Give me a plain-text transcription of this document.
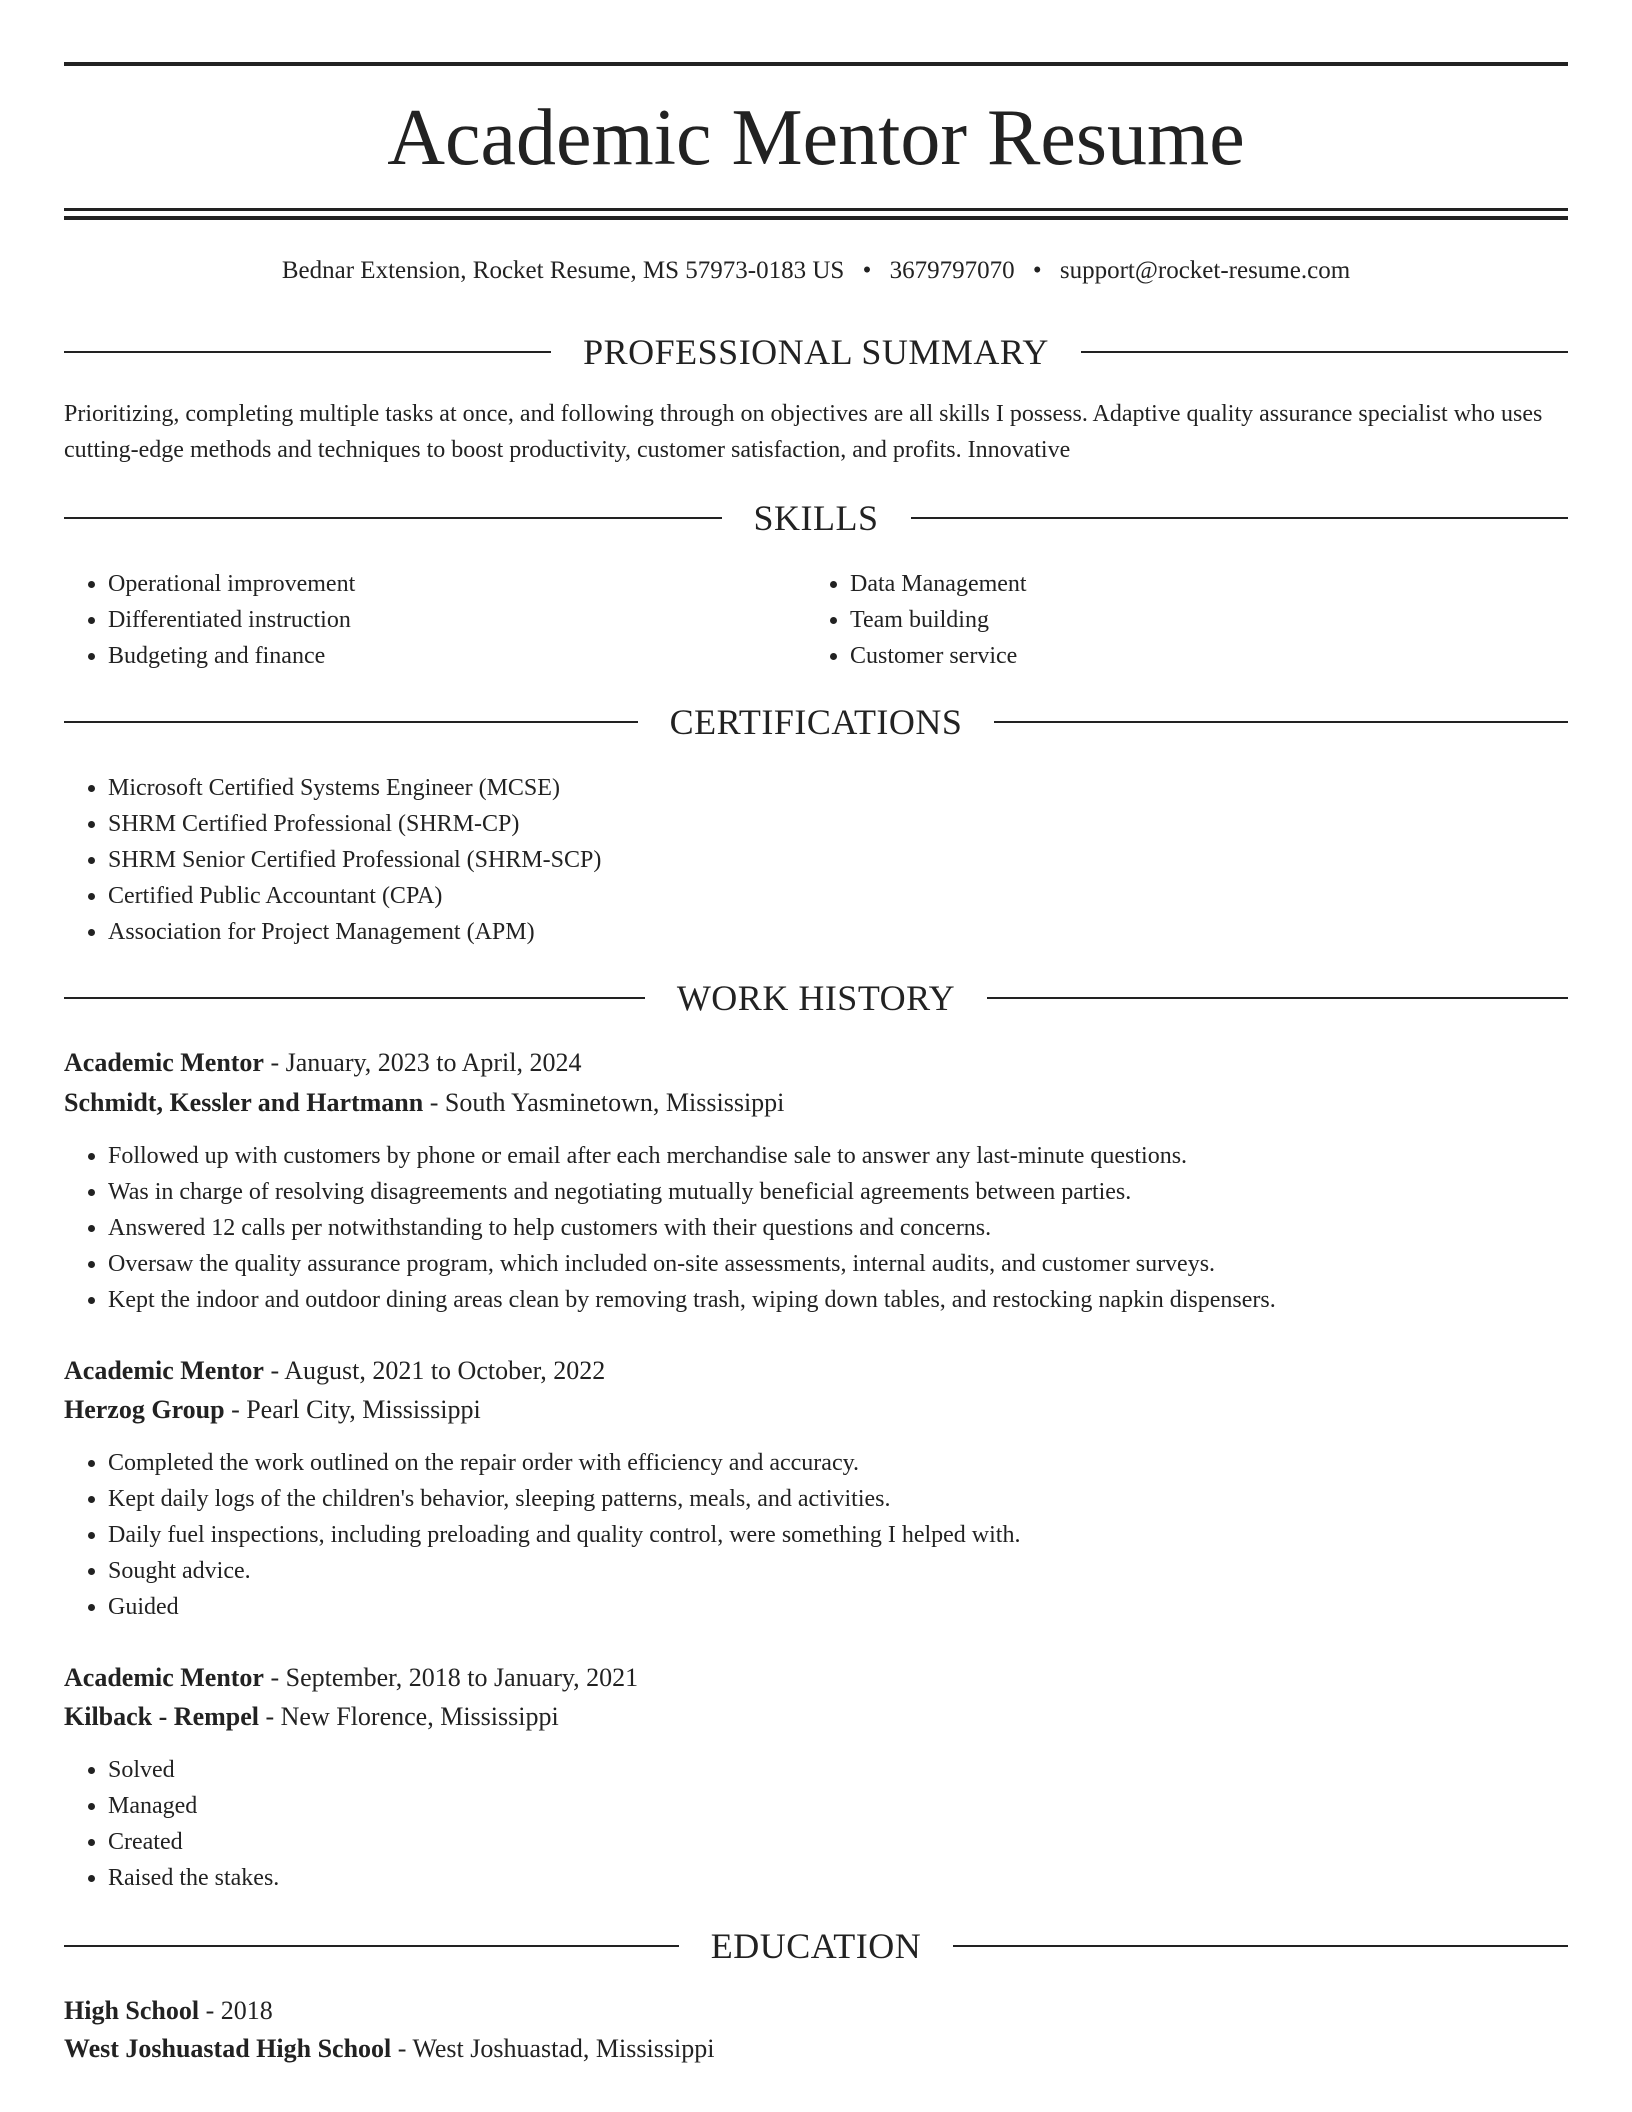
Academic Mentor Resume
Bednar Extension, Rocket Resume, MS 57973-0183 US • 3679797070 • support@rocket-resume.com
PROFESSIONAL SUMMARY

Prioritizing, completing multiple tasks at once, and following through on objectives are all skills I possess. Adaptive quality assurance specialist who uses cutting-edge methods and techniques to boost productivity, customer satisfaction, and profits. Innovative

SKILLS
• Operational improvement
• Differentiated instruction
• Budgeting and finance
• Data Management
• Team building
• Customer service
CERTIFICATIONS
• Microsoft Certified Systems Engineer (MCSE)
• SHRM Certified Professional (SHRM-CP)
• SHRM Senior Certified Professional (SHRM-SCP)
• Certified Public Accountant (CPA)
• Association for Project Management (APM)
WORK HISTORY
Academic Mentor - January, 2023 to April, 2024
Schmidt, Kessler and Hartmann - South Yasminetown, Mississippi
• Followed up with customers by phone or email after each merchandise sale to answer any last-minute questions.
• Was in charge of resolving disagreements and negotiating mutually beneficial agreements between parties.
• Answered 12 calls per notwithstanding to help customers with their questions and concerns.
• Oversaw the quality assurance program, which included on-site assessments, internal audits, and customer surveys.
• Kept the indoor and outdoor dining areas clean by removing trash, wiping down tables, and restocking napkin dispensers.
Academic Mentor - August, 2021 to October, 2022
Herzog Group - Pearl City, Mississippi
• Completed the work outlined on the repair order with efficiency and accuracy.
• Kept daily logs of the children's behavior, sleeping patterns, meals, and activities.
• Daily fuel inspections, including preloading and quality control, were something I helped with.
• Sought advice.
• Guided
Academic Mentor - September, 2018 to January, 2021
Kilback - Rempel - New Florence, Mississippi
• Solved
• Managed
• Created
• Raised the stakes.
EDUCATION
High School - 2018
West Joshuastad High School - West Joshuastad, Mississippi
